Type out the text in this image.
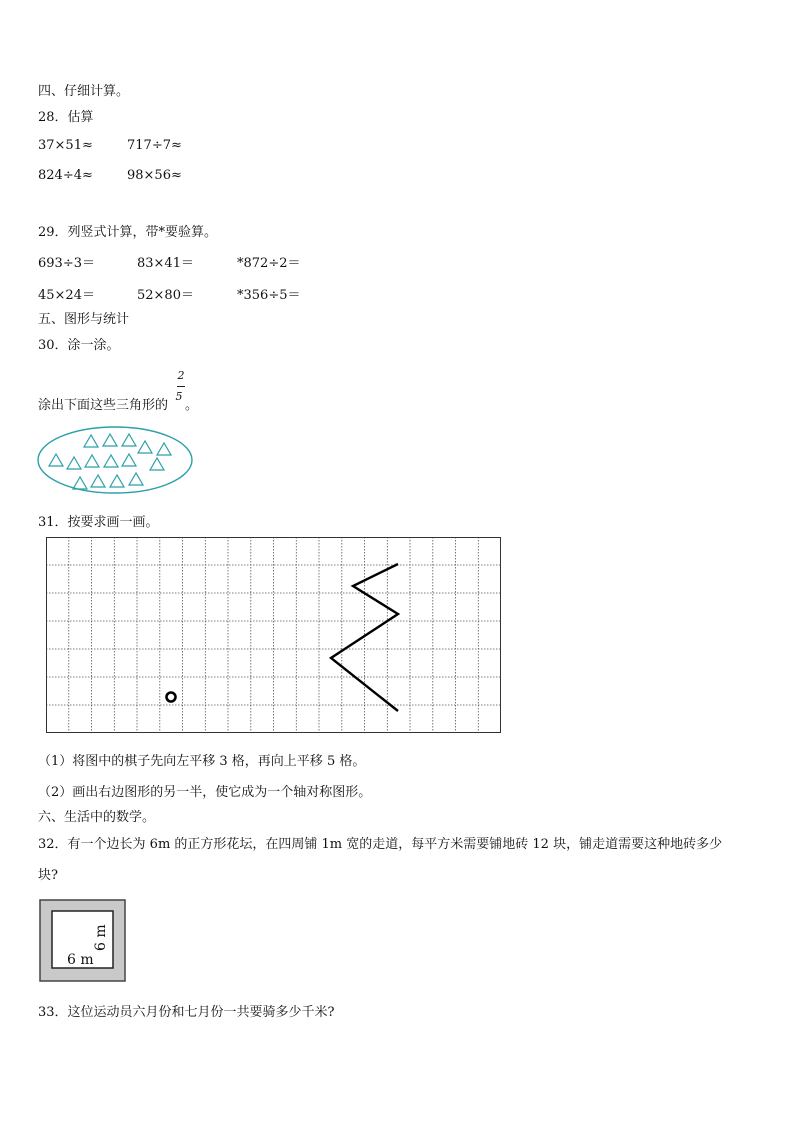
四、仔细计算。
28．估算
37×51≈	717÷7≈
824÷4≈	98×56≈
29．列竖式计算，带*要验算。
693÷3＝	83×41＝	*872÷2＝
45×24＝	52×80＝	*356÷5＝
五、图形与统计
30．涂一涂。
涂出下面这些三角形的
2
5
。
31．按要求画一画。
（1）将图中的棋子先向左平移 3 格，再向上平移 5 格。
（2）画出右边图形的另一半，使它成为一个轴对称图形。
六、生活中的数学。
32．有一个边长为 6m 的正方形花坛，在四周铺 1m 宽的走道，每平方米需要铺地砖 12 块，铺走道需要这种地砖多少
块?
6 m
6 m
33．这位运动员六月份和七月份一共要骑多少千米?
